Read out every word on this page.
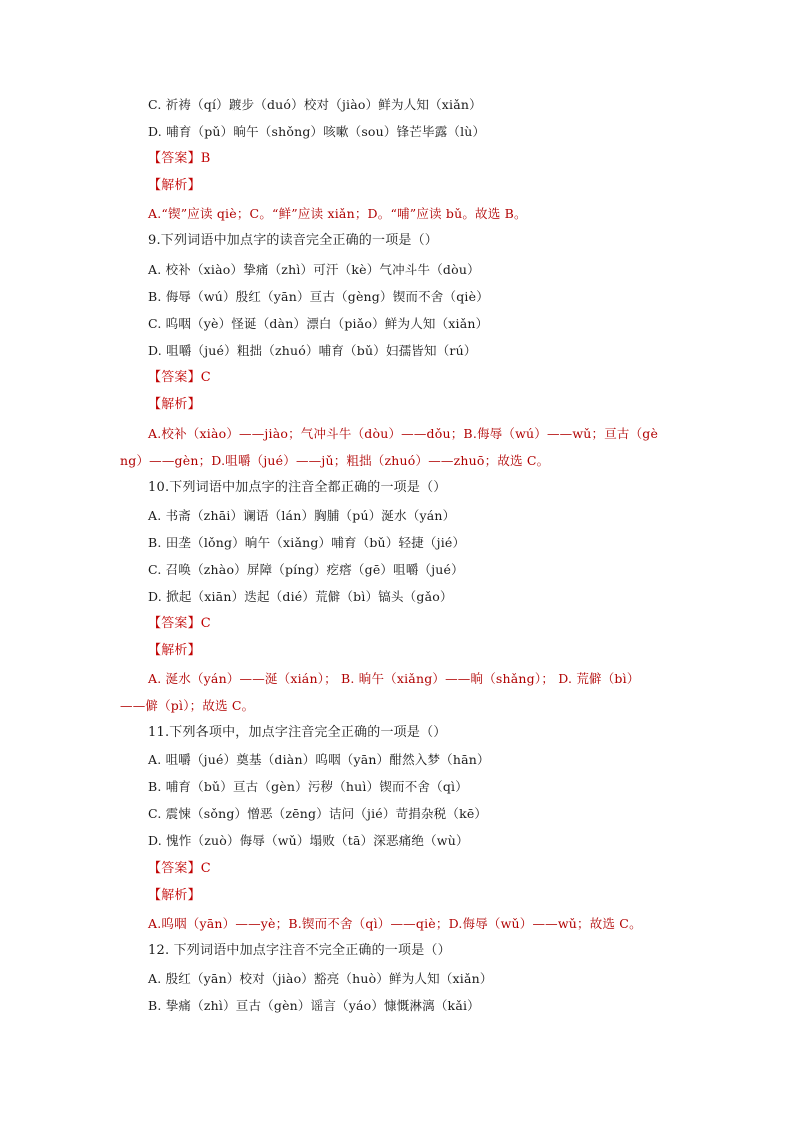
C. 祈祷（qí）踱步（duó）校对（jiào）鲜为人知（xiǎn）
D. 哺育（pǔ）晌午（shǒng）咳嗽（sou）锋芒毕露（lù）
【答案】B
【解析】
A.“锲”应读 qiè；C。“鲜”应读 xiǎn；D。“哺”应读 bǔ。故选 B。
9.下列词语中加点字的读音完全正确的一项是（）
A. 校补（xiào）挚痛（zhì）可汗（kè）气冲斗牛（dòu）
B. 侮辱（wú）殷红（yān）亘古（gèng）锲而不舍（qiè）
C. 呜咽（yè）怪诞（dàn）漂白（piǎo）鲜为人知（xiǎn）
D. 咀嚼（jué）粗拙（zhuó）哺育（bǔ）妇孺皆知（rú）
【答案】C
【解析】
A.校补（xiào）——jiào；气冲斗牛（dòu）——dǒu；B.侮辱（wú）——wǔ；亘古（gè
ng）——gèn；D.咀嚼（jué）——jǔ；粗拙（zhuó）——zhuō；故选 C。
10.下列词语中加点字的注音全都正确的一项是（）
A. 书斋（zhāi）谰语（lán）胸脯（pú）涎水（yán）
B. 田垄（lǒng）晌午（xiǎng）哺育（bǔ）轻捷（jié）
C. 召唤（zhào）屏障（píng）疙瘩（gē）咀嚼（jué）
D. 掀起（xiān）迭起（dié）荒僻（bì）镐头（gǎo）
【答案】C
【解析】
A. 涎水（yán）——涎（xián）； B. 晌午（xiǎng）——晌（shǎng）； D. 荒僻（bì）
——僻（pì）；故选 C。
11.下列各项中，加点字注音完全正确的一项是（）
A. 咀嚼（jué）奠基（diàn）呜咽（yān）酣然入梦（hān）
B. 哺育（bǔ）亘古（gèn）污秽（huì）锲而不舍（qì）
C. 震悚（sǒng）憎恶（zēng）诘问（jié）苛捐杂税（kē）
D. 愧怍（zuò）侮辱（wǔ）塌败（tā）深恶痛绝（wù）
【答案】C
【解析】
A.呜咽（yān）——yè；B.锲而不舍（qì）——qiè；D.侮辱（wǔ）——wǔ；故选 C。
12. 下列词语中加点字注音不完全正确的一项是（）
A. 殷红（yān）校对（jiào）豁亮（huò）鲜为人知（xiǎn）
B. 挚痛（zhì）亘古（gèn）谣言（yáo）慷慨淋漓（kǎi）
